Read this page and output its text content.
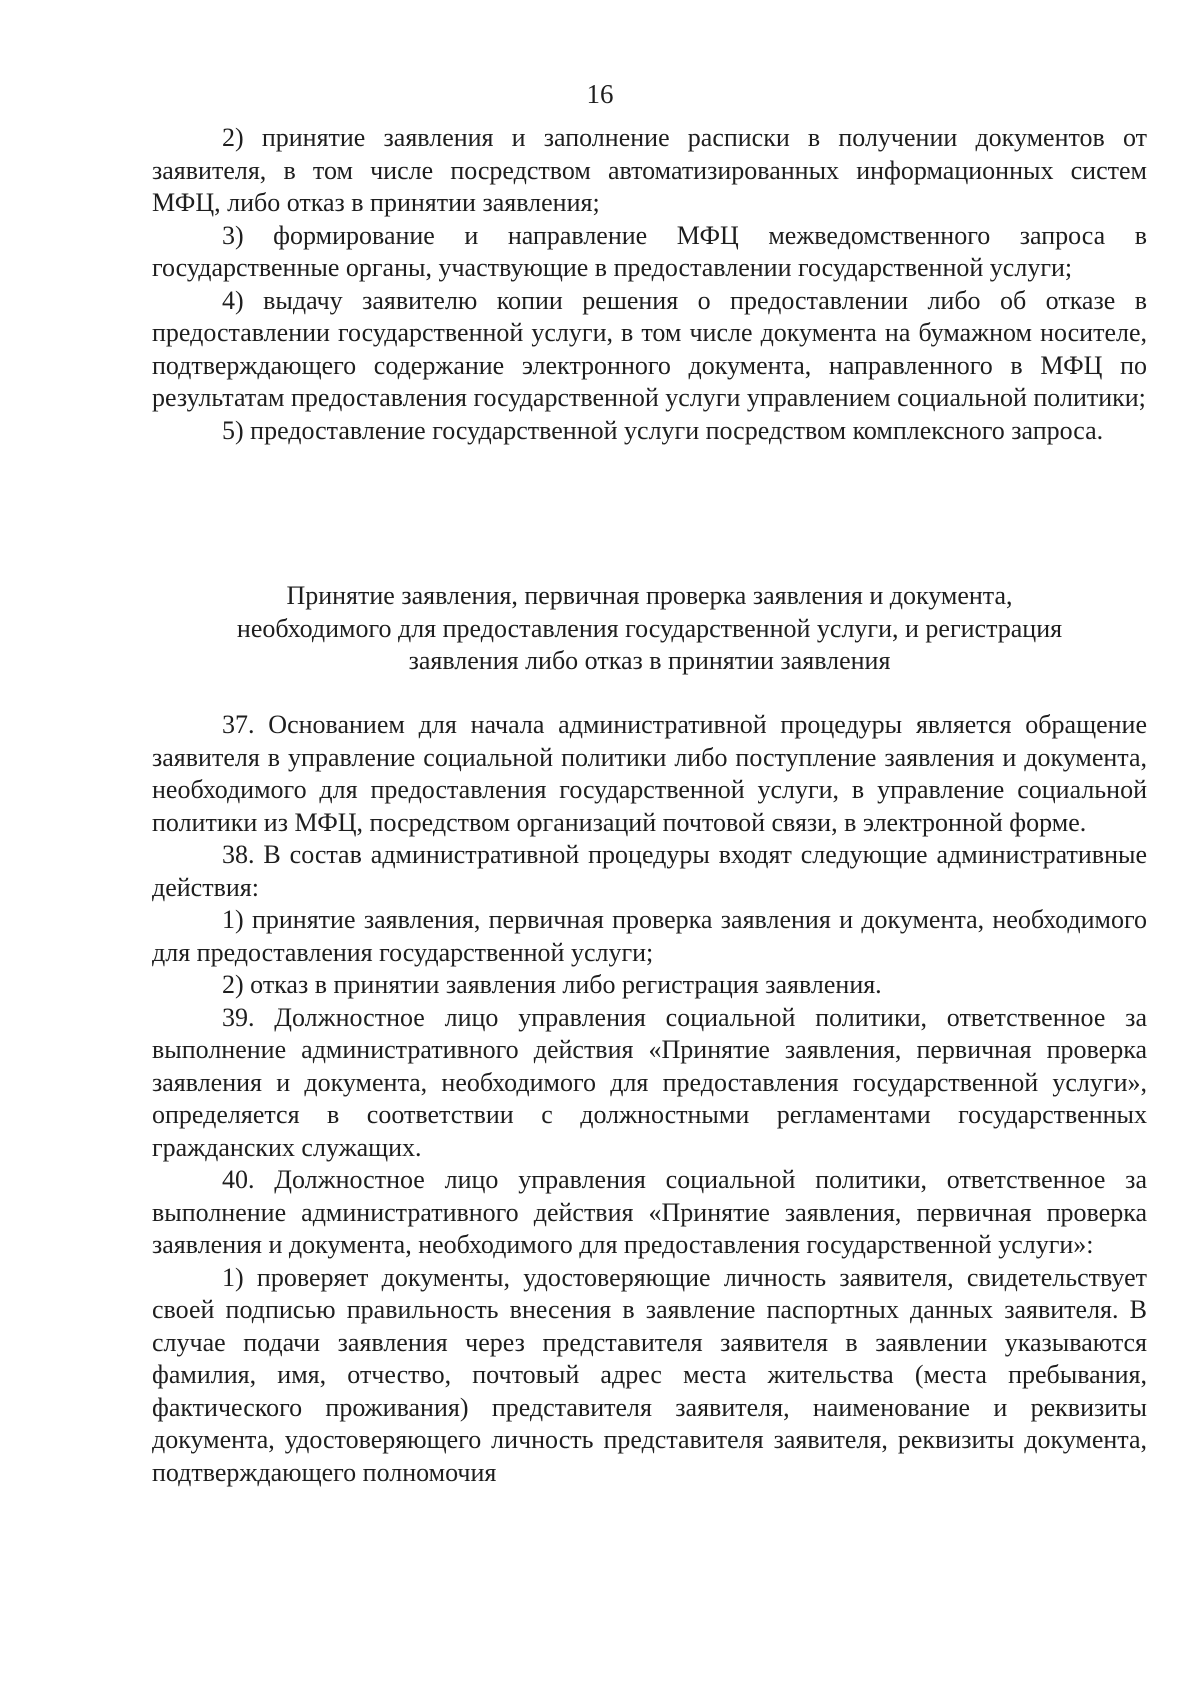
16

2) принятие заявления и заполнение расписки в получении документов от заявителя, в том числе посредством автоматизированных информационных систем МФЦ, либо отказ в принятии заявления;

3) формирование и направление МФЦ межведомственного запроса в государственные органы, участвующие в предоставлении государственной услуги;

4) выдачу заявителю копии решения о предоставлении либо об отказе в предоставлении государственной услуги, в том числе документа на бумажном носителе, подтверждающего содержание электронного документа, направленного в МФЦ по результатам предоставления государственной услуги управлением социальной политики;

5) предоставление государственной услуги посредством комплексного запроса.

Принятие заявления, первичная проверка заявления и документа,
необходимого для предоставления государственной услуги, и регистрация
заявления либо отказ в принятии заявления

37. Основанием для начала административной процедуры является обращение заявителя в управление социальной политики либо поступление заявления и документа, необходимого для предоставления государственной услуги, в управление социальной политики из МФЦ, посредством организаций почтовой связи, в электронной форме.

38. В состав административной процедуры входят следующие административные действия:

1) принятие заявления, первичная проверка заявления и документа, необходимого для предоставления государственной услуги;

2) отказ в принятии заявления либо регистрация заявления.

39. Должностное лицо управления социальной политики, ответственное за выполнение административного действия «Принятие заявления, первичная проверка заявления и документа, необходимого для предоставления государственной услуги», определяется в соответствии с должностными регламентами государственных гражданских служащих.

40. Должностное лицо управления социальной политики, ответственное за выполнение административного действия «Принятие заявления, первичная проверка заявления и документа, необходимого для предоставления государственной услуги»:

1) проверяет документы, удостоверяющие личность заявителя, свидетельствует своей подписью правильность внесения в заявление паспортных данных заявителя. В случае подачи заявления через представителя заявителя в заявлении указываются фамилия, имя, отчество, почтовый адрес места жительства (места пребывания, фактического проживания) представителя заявителя, наименование и реквизиты документа, удостоверяющего личность представителя заявителя, реквизиты документа, подтверждающего полномочия
